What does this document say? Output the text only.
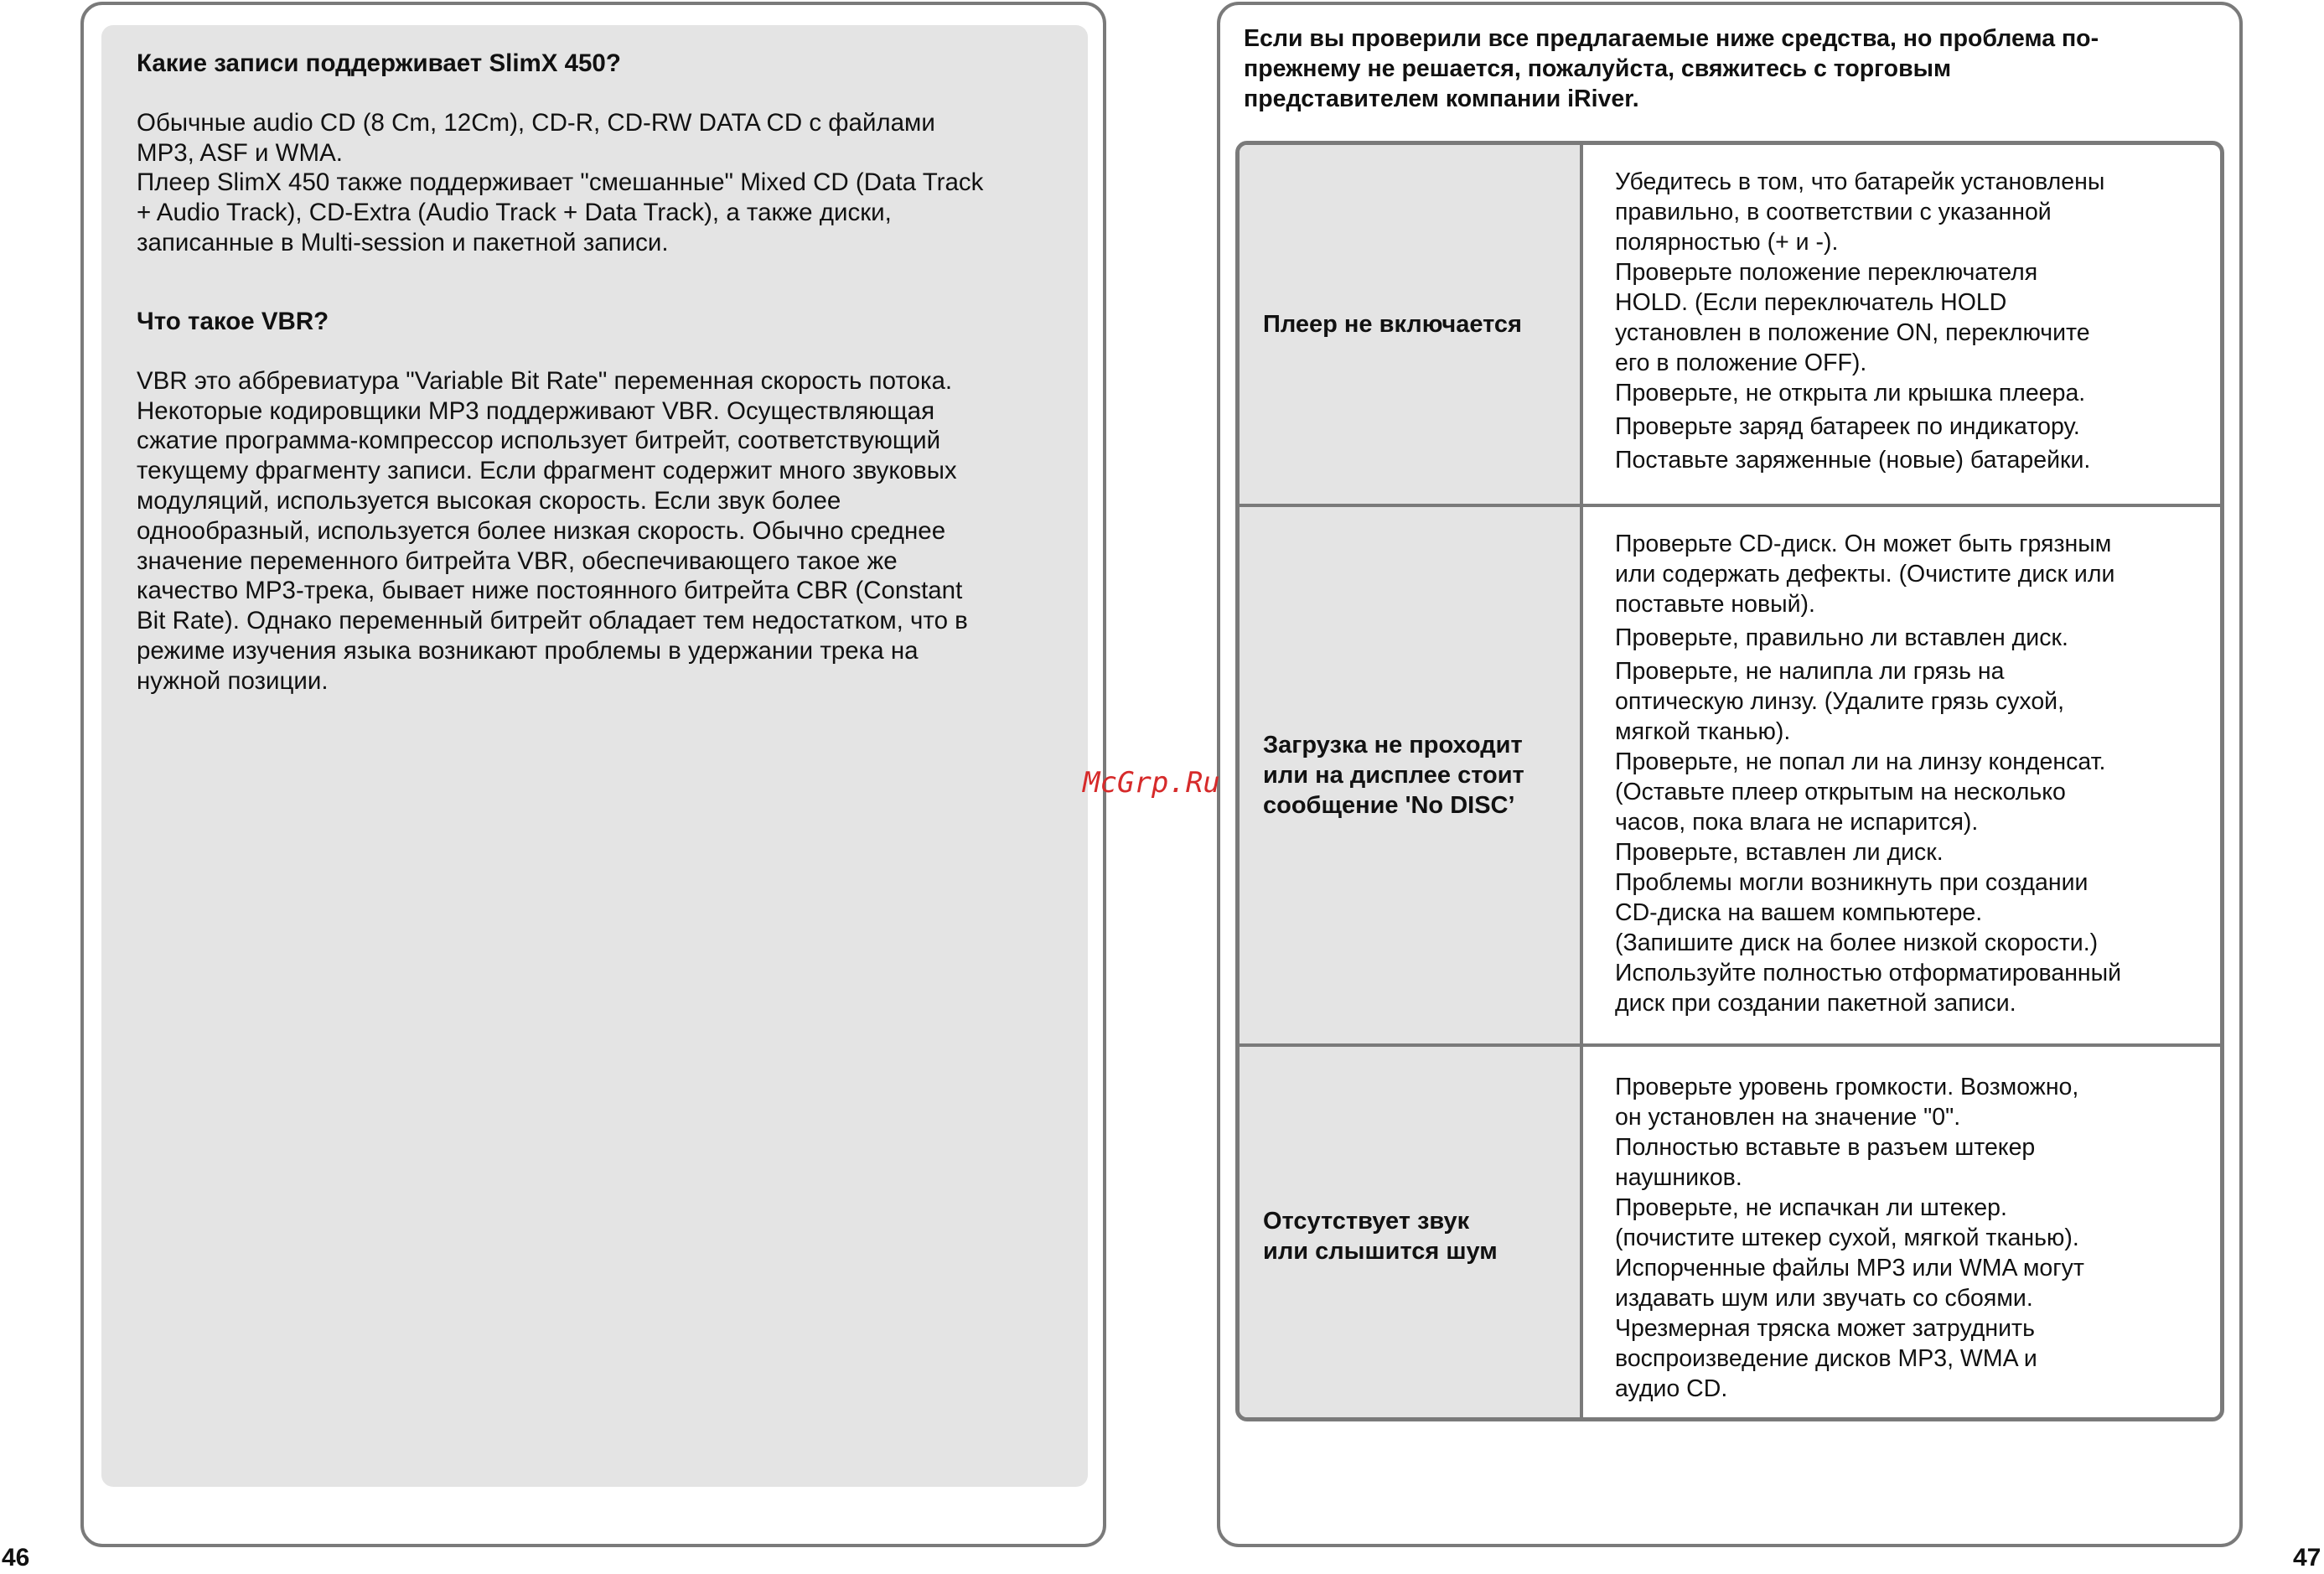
Какие записи поддерживает SlimX 450?

Обычные audio CD (8 Cm, 12Cm), CD-R, CD-RW DATA CD с файлами
MP3, ASF и WMA.
Плеер SlimX 450 также поддерживает "смешанные" Mixed CD (Data Track
+ Audio Track), CD-Extra (Audio Track + Data Track), а также диски,
записанные в Multi-session и пакетной записи.

Что такое VBR?

VBR это аббревиатура "Variable Bit Rate" переменная скорость потока.
Некоторые кодировщики MP3 поддерживают VBR. Осуществляющая
сжатие программа-компрессор использует битрейт, соответствующий
текущему фрагменту записи. Если фрагмент содержит много звуковых
модуляций, используется высокая скорость. Если звук более
однообразный, используется более низкая скорость. Обычно среднее
значение переменного битрейта VBR, обеспечивающего такое же
качество MP3-трека, бывает ниже постоянного битрейта CBR (Constant
Bit Rate). Однако переменный битрейт обладает тем недостатком, что в
режиме изучения языка возникают проблемы в удержании трека на
нужной позиции.

Если вы проверили все предлагаемые ниже средства, но проблема по-
прежнему не решается, пожалуйста, свяжитесь с торговым
представителем компании iRiver.

Плеер не включается

Убедитесь в том, что батарейк установлены

правильно, в соответствии с указанной

полярностью (+ и -).

Проверьте положение переключателя

HOLD. (Если переключатель HOLD

установлен в положение ON, переключите

его в положение OFF).

Проверьте, не открыта ли крышка плеера.

Проверьте заряд батареек по индикатору.

Поставьте заряженные (новые) батарейки.

Загрузка не проходит
или на дисплее стоит
сообщение 'No DISC’

Проверьте CD-диск. Он может быть грязным

или содержать дефекты. (Очистите диск или

поставьте новый).

Проверьте, правильно ли вставлен диск.

Проверьте, не налипла ли грязь на

оптическую линзу. (Удалите грязь сухой,

мягкой тканью).

Проверьте, не попал ли на линзу конденсат.

(Оставьте плеер открытым на несколько

часов, пока влага не испарится).

Проверьте, вставлен ли диск.

Проблемы могли возникнуть при создании

CD-диска на вашем компьютере.

(Запишите диск на более низкой скорости.)

Используйте полностью отформатированный

диск при создании пакетной записи.

Отсутствует звук
или слышится шум

Проверьте уровень громкости. Возможно,

он установлен на значение "0".

Полностью вставьте в разъем штекер

наушников.

Проверьте, не испачкан ли штекер.

(почистите штекер сухой, мягкой тканью).

Испорченные файлы MP3 или WMA могут

издавать шум или звучать со сбоями.

Чрезмерная тряска может затруднить

воспроизведение дисков MP3, WMA и

аудио CD.

McGrp.Ru
46	47
